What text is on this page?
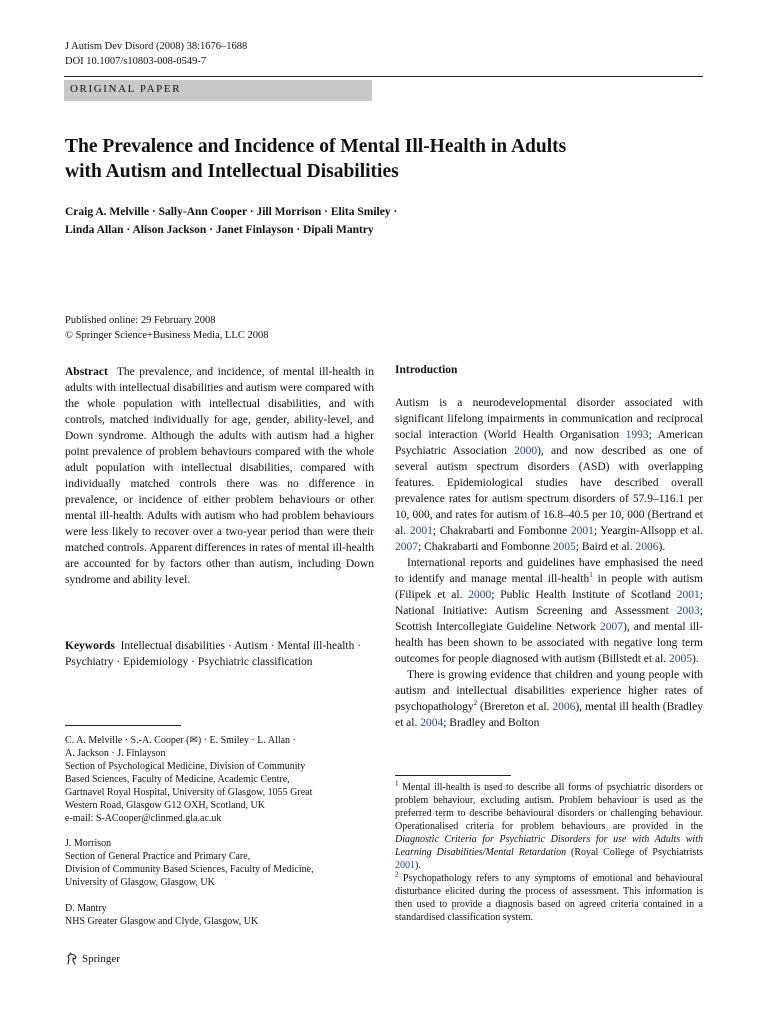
J Autism Dev Disord (2008) 38:1676–1688
DOI 10.1007/s10803-008-0549-7
ORIGINAL PAPER
The Prevalence and Incidence of Mental Ill-Health in Adults
with Autism and Intellectual Disabilities
Craig A. Melville · Sally-Ann Cooper · Jill Morrison · Elita Smiley ·
Linda Allan · Alison Jackson · Janet Finlayson · Dipali Mantry
Published online: 29 February 2008
© Springer Science+Business Media, LLC 2008
Abstract The prevalence, and incidence, of mental ill-health in adults with intellectual disabilities and autism were compared with the whole population with intellectual disabilities, and with controls, matched individually for age, gender, ability-level, and Down syndrome. Although the adults with autism had a higher point prevalence of problem behaviours compared with the whole adult population with intellectual disabilities, compared with individually matched controls there was no difference in prevalence, or incidence of either problem behaviours or other mental ill-health. Adults with autism who had problem behaviours were less likely to recover over a two-year period than were their matched controls. Apparent differences in rates of mental ill-health are accounted for by factors other than autism, including Down syndrome and ability level.
Keywords Intellectual disabilities · Autism · Mental ill-health · Psychiatry · Epidemiology · Psychiatric classification

C. A. Melville · S.-A. Cooper (✉) · E. Smiley · L. Allan ·

A. Jackson · J. Finlayson

Section of Psychological Medicine, Division of Community

Based Sciences, Faculty of Medicine, Academic Centre,

Gartnavel Royal Hospital, University of Glasgow, 1055 Great

Western Road, Glasgow G12 OXH, Scotland, UK

e-mail: S-ACooper@clinmed.gla.ac.uk

J. Morrison

Section of General Practice and Primary Care,

Division of Community Based Sciences, Faculty of Medicine,

University of Glasgow, Glasgow, UK

D. Mantry

NHS Greater Glasgow and Clyde, Glasgow, UK

Introduction

Autism is a neurodevelopmental disorder associated with significant lifelong impairments in communication and reciprocal social interaction (World Health Organisation 1993; American Psychiatric Association 2000), and now described as one of several autism spectrum disorders (ASD) with overlapping features. Epidemiological studies have described overall prevalence rates for autism spectrum disorders of 57.9–116.1 per 10, 000, and rates for autism of 16.8–40.5 per 10, 000 (Bertrand et al. 2001; Chakrabarti and Fombonne 2001; Yeargin-Allsopp et al. 2007; Chakrabarti and Fombonne 2005; Baird et al. 2006).

International reports and guidelines have emphasised the need to identify and manage mental ill-health$^1$ in people with autism (Filipek et al. 2000; Public Health Institute of Scotland 2001; National Initiative: Autism Screening and Assessment 2003; Scottish Intercollegiate Guideline Network 2007), and mental ill-health has been shown to be associated with negative long term outcomes for people diagnosed with autism (Billstedt et al. 2005).

There is growing evidence that children and young people with autism and intellectual disabilities experience higher rates of psychopathology$^2$ (Brereton et al. 2006), mental ill health (Bradley et al. 2004; Bradley and Bolton

$^1$ Mental ill-health is used to describe all forms of psychiatric disorders or problem behaviour, excluding autism. Problem behaviour is used as the preferred term to describe behavioural disorders or challenging behaviour. Operationalised criteria for problem behaviours are provided in the Diagnostic Criteria for Psychiatric Disorders for use with Adults with Learning Disabilities/Mental Retardation (Royal College of Psychiatrists 2001).

$^2$ Psychopathology refers to any symptoms of emotional and behavioural disturbance elicited during the process of assessment. This information is then used to provide a diagnosis based on agreed criteria contained in a standardised classification system.

Springer
